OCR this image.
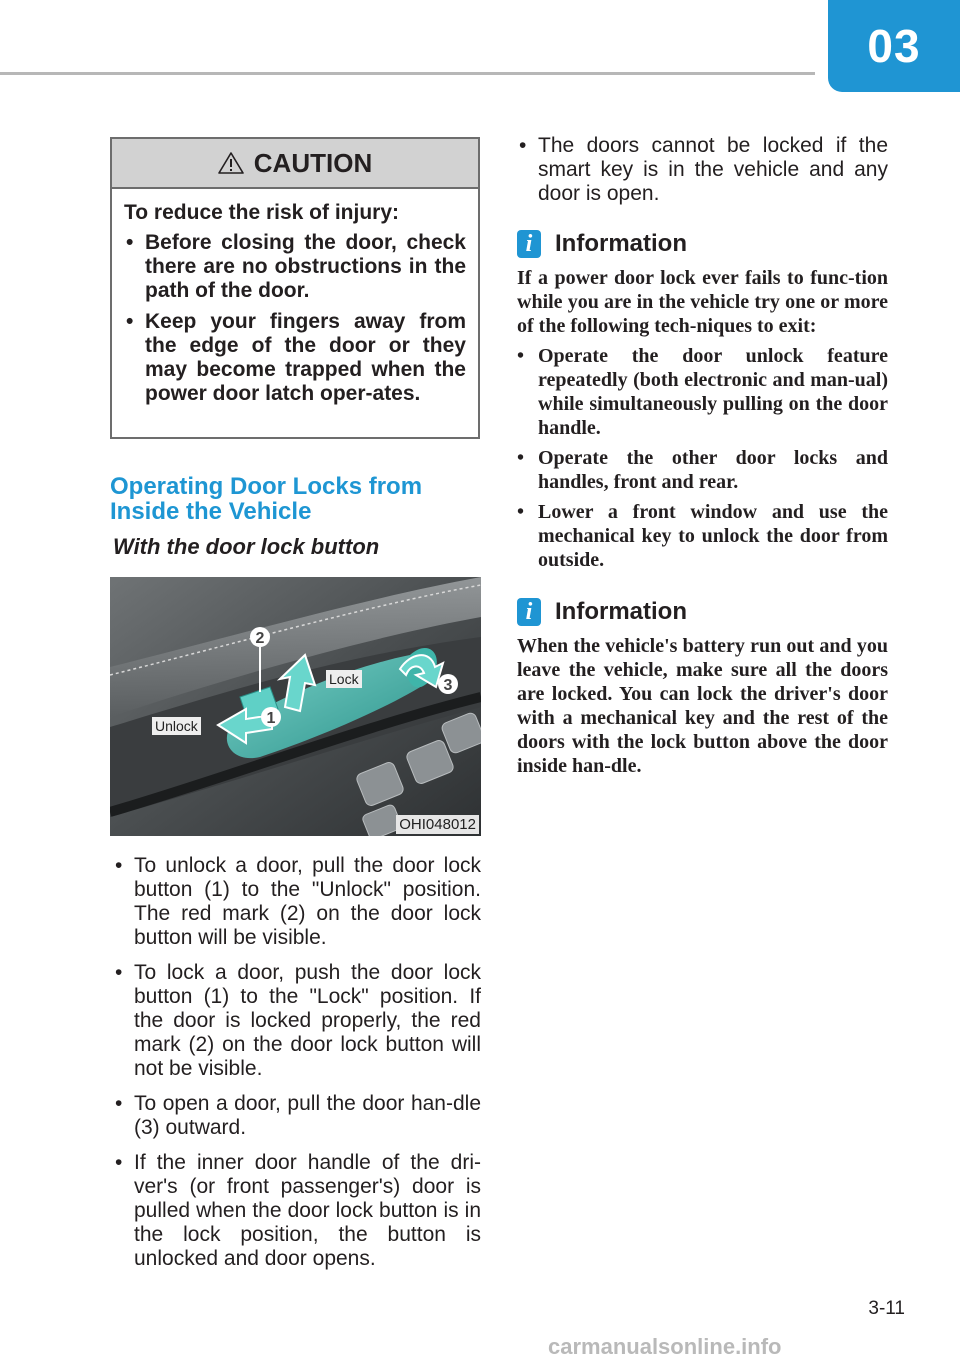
03
CAUTION
To reduce the risk of injury:
• Before closing the door, check there are no obstructions in the path of the door.
• Keep your fingers away from the edge of the door or they may become trapped when the power door latch oper-ates.
Operating Door Locks from Inside the Vehicle
With the door lock button
2
1
3
Lock
Unlock
OHI048012
• To unlock a door, pull the door lock button (1) to the "Unlock" position. The red mark (2) on the door lock button will be visible.
• To lock a door, push the door lock button (1) to the "Lock" position. If the door is locked properly, the red mark (2) on the door lock button will not be visible.
• To open a door, pull the door han-dle (3) outward.
• If the inner door handle of the dri-ver's (or front passenger's) door is pulled when the door lock button is in the lock position, the button is unlocked and door opens.
• The doors cannot be locked if the smart key is in the vehicle and any door is open.
i Information
If a power door lock ever fails to func-tion while you are in the vehicle try one or more of the following tech-niques to exit:
• Operate the door unlock feature repeatedly (both electronic and man-ual) while simultaneously pulling on the door handle.
• Operate the other door locks and handles, front and rear.
• Lower a front window and use the mechanical key to unlock the door from outside.
i Information
When the vehicle's battery run out and you leave the vehicle, make sure all the doors are locked. You can lock the driver's door with a mechanical key and the rest of the doors with the lock button above the door inside han-dle.
3-11
carmanualsonline.info
